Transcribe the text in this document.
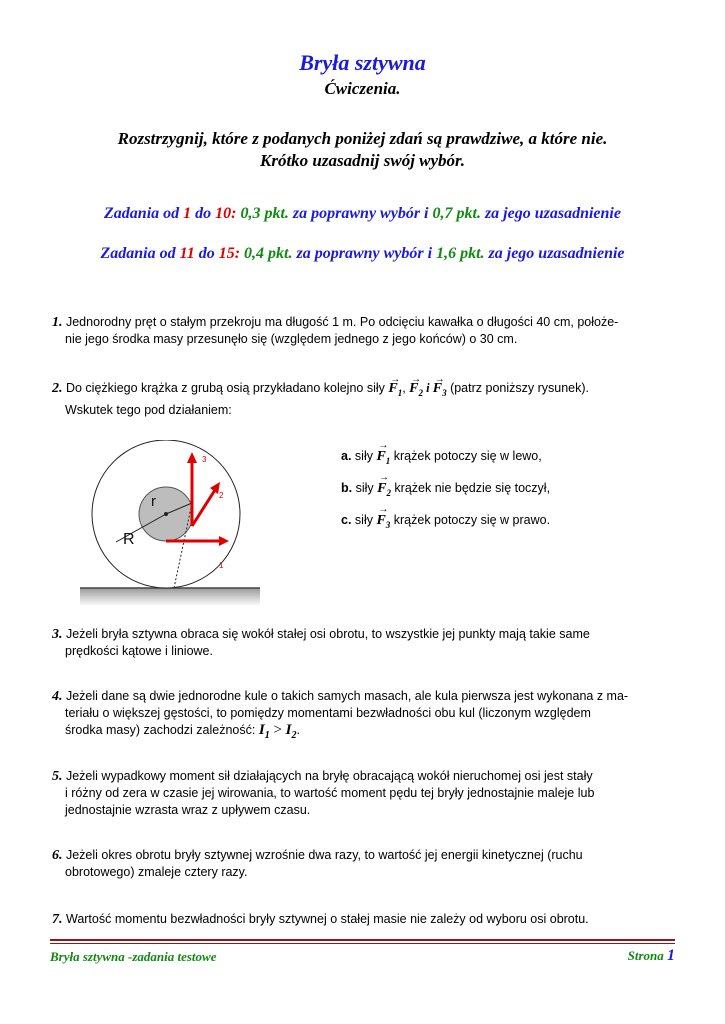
Bryła sztywna
Ćwiczenia.
Rozstrzygnij, które z podanych poniżej zdań są prawdziwe, a które nie.
Krótko uzasadnij swój wybór.
Zadania od 1 do 10: 0,3 pkt. za poprawny wybór i 0,7 pkt. za jego uzasadnienie
Zadania od 11 do 15: 0,4 pkt. za poprawny wybór i 1,6 pkt. za jego uzasadnienie
1. Jednorodny pręt o stałym przekroju ma długość 1 m. Po odcięciu kawałka o długości 40 cm, położe-
nie jego środka masy przesunęło się (względem jednego z jego końców) o 30 cm.
2. Do ciężkiego krążka z grubą osią przykładano kolejno siły
→
$F_1$,
→
$F_2$ i
→
$F_3$ (patrz poniższy rysunek).
Wskutek tego pod działaniem:
r
R
1
2
3	a. siły
→
$F_1$ krążek potoczy się w lewo,
b. siły
→
$F_2$ krążek nie będzie się toczył,
c. siły
→
$F_3$ krążek potoczy się w prawo.
3. Jeżeli bryła sztywna obraca się wokół stałej osi obrotu, to wszystkie jej punkty mają takie same
prędkości kątowe i liniowe.
4. Jeżeli dane są dwie jednorodne kule o takich samych masach, ale kula pierwsza jest wykonana z ma-
teriału o większej gęstości, to pomiędzy momentami bezwładności obu kul (liczonym względem
środka masy) zachodzi zależność: $I_1 > I_2$.
5. Jeżeli wypadkowy moment sił działających na bryłę obracającą wokół nieruchomej osi jest stały
i różny od zera w czasie jej wirowania, to wartość moment pędu tej bryły jednostajnie maleje lub
jednostajnie wzrasta wraz z upływem czasu.
6. Jeżeli okres obrotu bryły sztywnej wzrośnie dwa razy, to wartość jej energii kinetycznej (ruchu
obrotowego) zmaleje cztery razy.
7. Wartość momentu bezwładności bryły sztywnej o stałej masie nie zależy od wyboru osi obrotu.
Bryła sztywna -zadania testowe	Strona 1
